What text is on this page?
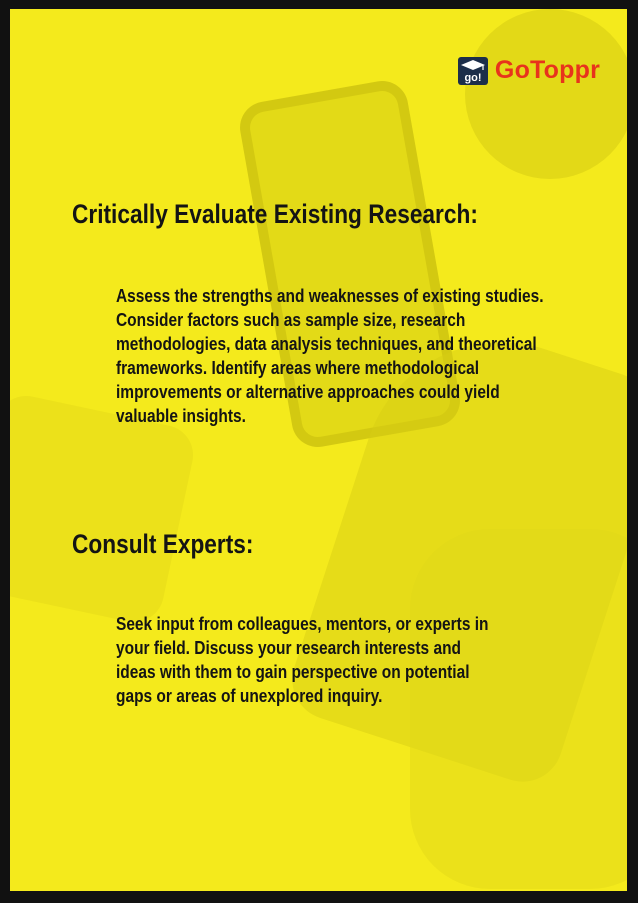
go! GoToppr
Critically Evaluate Existing Research:

Assess the strengths and weaknesses of existing studies.
Consider factors such as sample size, research
methodologies, data analysis techniques, and theoretical
frameworks. Identify areas where methodological
improvements or alternative approaches could yield
valuable insights.

Consult Experts:

Seek input from colleagues, mentors, or experts in
your field. Discuss your research interests and
ideas with them to gain perspective on potential
gaps or areas of unexplored inquiry.
